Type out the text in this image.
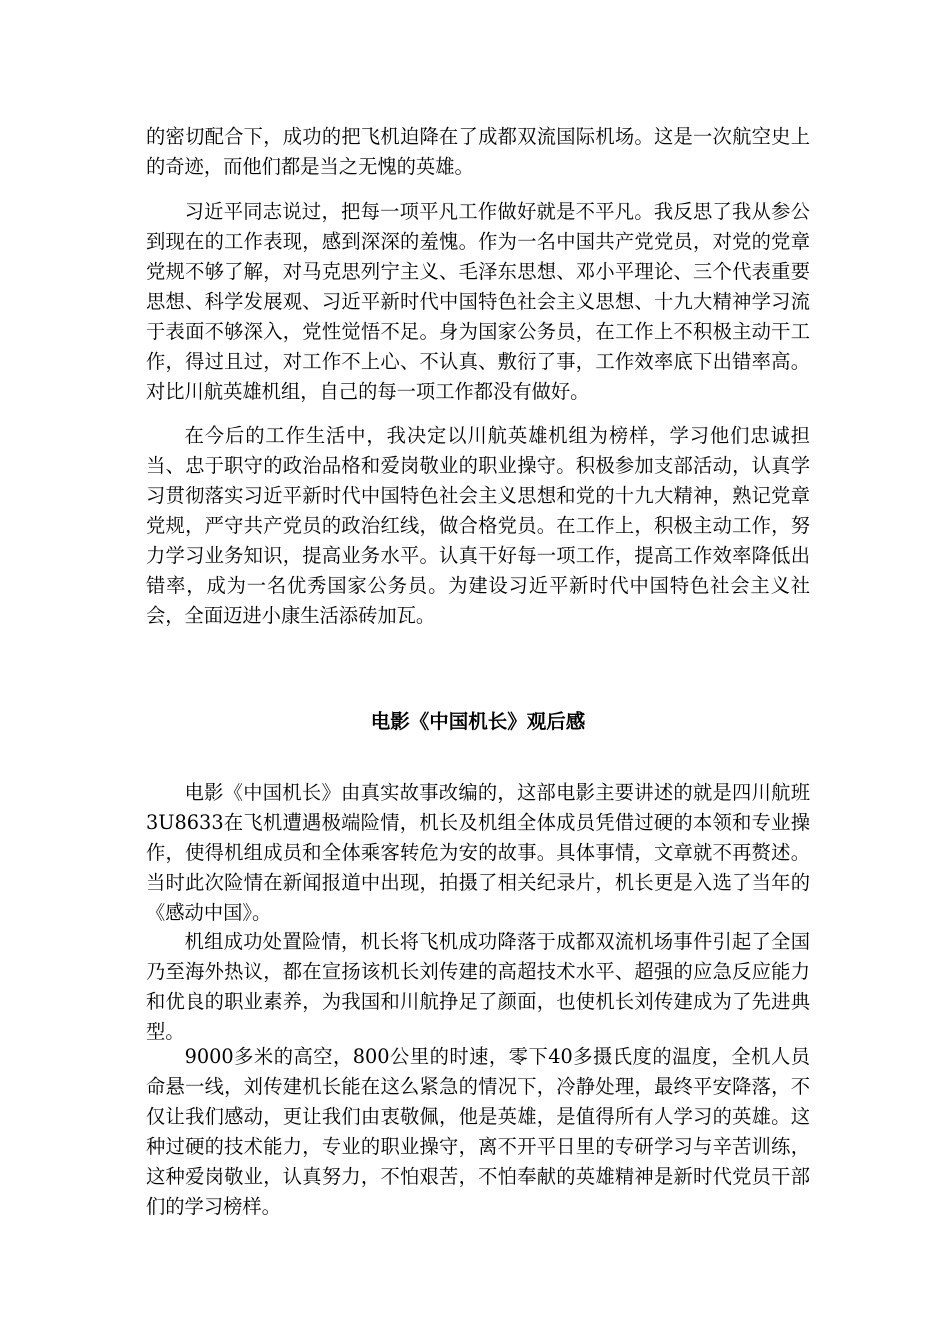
的密切配合下，成功的把飞机迫降在了成都双流国际机场。这是一次航空史上的奇迹，而他们都是当之无愧的英雄。

习近平同志说过，把每一项平凡工作做好就是不平凡。我反思了我从参公到现在的工作表现，感到深深的羞愧。作为一名中国共产党党员，对党的党章党规不够了解，对马克思列宁主义、毛泽东思想、邓小平理论、三个代表重要思想、科学发展观、习近平新时代中国特色社会主义思想、十九大精神学习流于表面不够深入，党性觉悟不足。身为国家公务员，在工作上不积极主动干工作，得过且过，对工作不上心、不认真、敷衍了事，工作效率底下出错率高。对比川航英雄机组，自己的每一项工作都没有做好。

在今后的工作生活中，我决定以川航英雄机组为榜样，学习他们忠诚担当、忠于职守的政治品格和爱岗敬业的职业操守。积极参加支部活动，认真学习贯彻落实习近平新时代中国特色社会主义思想和党的十九大精神，熟记党章党规，严守共产党员的政治红线，做合格党员。在工作上，积极主动工作，努力学习业务知识，提高业务水平。认真干好每一项工作，提高工作效率降低出错率，成为一名优秀国家公务员。为建设习近平新时代中国特色社会主义社会，全面迈进小康生活添砖加瓦。

电影《中国机长》观后感

电影《中国机长》由真实故事改编的，这部电影主要讲述的就是四川航班3U8633在飞机遭遇极端险情，机长及机组全体成员凭借过硬的本领和专业操作，使得机组成员和全体乘客转危为安的故事。具体事情，文章就不再赘述。当时此次险情在新闻报道中出现，拍摄了相关纪录片，机长更是入选了当年的《感动中国》。

机组成功处置险情，机长将飞机成功降落于成都双流机场事件引起了全国乃至海外热议，都在宣扬该机长刘传建的高超技术水平、超强的应急反应能力和优良的职业素养，为我国和川航挣足了颜面，也使机长刘传建成为了先进典型。

9000多米的高空，800公里的时速，零下40多摄氏度的温度，全机人员命悬一线，刘传建机长能在这么紧急的情况下，冷静处理，最终平安降落，不仅让我们感动，更让我们由衷敬佩，他是英雄，是值得所有人学习的英雄。这种过硬的技术能力，专业的职业操守，离不开平日里的专研学习与辛苦训练，这种爱岗敬业，认真努力，不怕艰苦，不怕奉献的英雄精神是新时代党员干部们的学习榜样。
